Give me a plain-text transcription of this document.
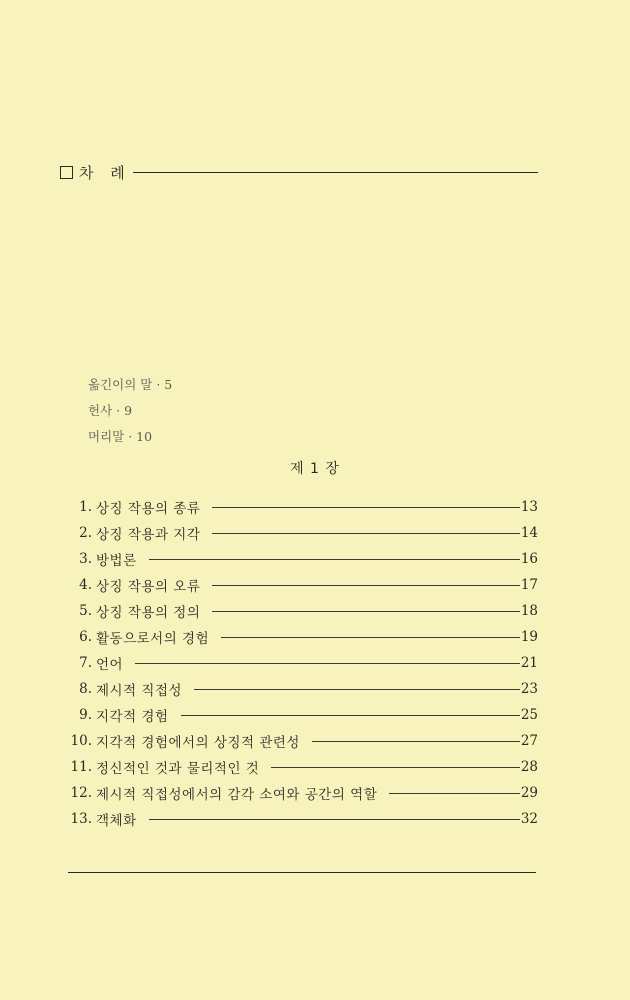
차 례
옮긴이의 말 · 5
헌사 · 9
머리말 · 10
제 1 장
1. 상징 작용의 종류	13
2. 상징 작용과 지각	14
3. 방법론	16
4. 상징 작용의 오류	17
5. 상징 작용의 정의	18
6. 활동으로서의 경험	19
7. 언어	21
8. 제시적 직접성	23
9. 지각적 경험	25
10. 지각적 경험에서의 상징적 관련성	27
11. 정신적인 것과 물리적인 것	28
12. 제시적 직접성에서의 감각 소여와 공간의 역할	29
13. 객체화	32
